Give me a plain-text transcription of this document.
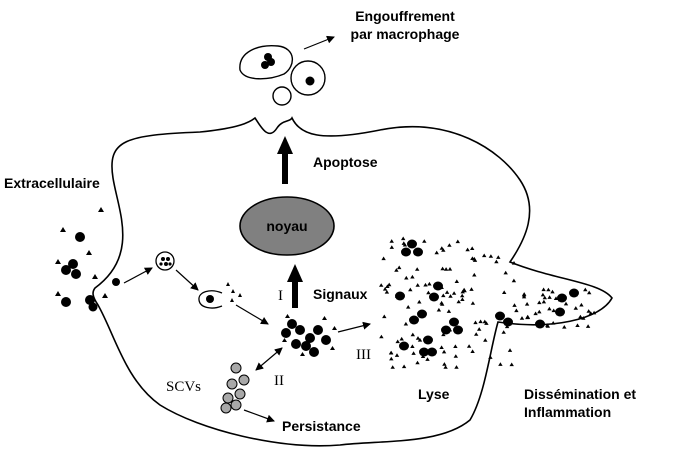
Engouffrement
par macrophage
Apoptose
Extracellulaire
noyau
Signaux
I
II
III
SCVs	Lyse
Persistance
Dissémination et
Inflammation
